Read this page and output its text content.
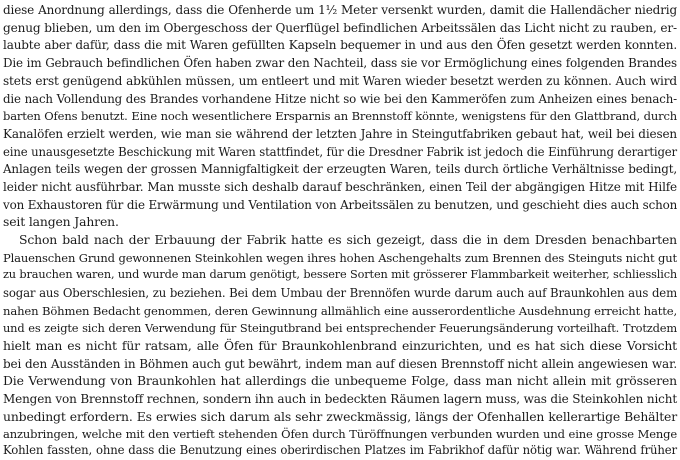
diese Anordnung allerdings, dass die Ofenherde um 1½ Meter versenkt wurden, damit die Hallendächer niedrig
genug blieben, um den im Obergeschoss der Querflügel befindlichen Arbeitssälen das Licht nicht zu rauben, er-
laubte aber dafür, dass die mit Waren gefüllten Kapseln bequemer in und aus den Öfen gesetzt werden konnten.
Die im Gebrauch befindlichen Öfen haben zwar den Nachteil, dass sie vor Ermöglichung eines folgenden Brandes
stets erst genügend abkühlen müssen, um entleert und mit Waren wieder besetzt werden zu können. Auch wird
die nach Vollendung des Brandes vorhandene Hitze nicht so wie bei den Kammeröfen zum Anheizen eines benach-
barten Ofens benutzt. Eine noch wesentlichere Ersparnis an Brennstoff könnte, wenigstens für den Glattbrand, durch
Kanalöfen erzielt werden, wie man sie während der letzten Jahre in Steingutfabriken gebaut hat, weil bei diesen
eine unausgesetzte Beschickung mit Waren stattfindet, für die Dresdner Fabrik ist jedoch die Einführung derartiger
Anlagen teils wegen der grossen Mannigfaltigkeit der erzeugten Waren, teils durch örtliche Verhältnisse bedingt,
leider nicht ausführbar. Man musste sich deshalb darauf beschränken, einen Teil der abgängigen Hitze mit Hilfe
von Exhaustoren für die Erwärmung und Ventilation von Arbeitssälen zu benutzen, und geschieht dies auch schon
seit langen Jahren.
Schon bald nach der Erbauung der Fabrik hatte es sich gezeigt, dass die in dem Dresden benachbarten
Plauenschen Grund gewonnenen Steinkohlen wegen ihres hohen Aschengehalts zum Brennen des Steinguts nicht gut
zu brauchen waren, und wurde man darum genötigt, bessere Sorten mit grösserer Flammbarkeit weiterher, schliesslich
sogar aus Oberschlesien, zu beziehen. Bei dem Umbau der Brennöfen wurde darum auch auf Braunkohlen aus dem
nahen Böhmen Bedacht genommen, deren Gewinnung allmählich eine ausserordentliche Ausdehnung erreicht hatte,
und es zeigte sich deren Verwendung für Steingutbrand bei entsprechender Feuerungsänderung vorteilhaft. Trotzdem
hielt man es nicht für ratsam, alle Öfen für Braunkohlenbrand einzurichten, und es hat sich diese Vorsicht
bei den Ausständen in Böhmen auch gut bewährt, indem man auf diesen Brennstoff nicht allein angewiesen war.
Die Verwendung von Braunkohlen hat allerdings die unbequeme Folge, dass man nicht allein mit grösseren
Mengen von Brennstoff rechnen, sondern ihn auch in bedeckten Räumen lagern muss, was die Steinkohlen nicht
unbedingt erfordern. Es erwies sich darum als sehr zweckmässig, längs der Ofenhallen kellerartige Behälter
anzubringen, welche mit den vertieft stehenden Öfen durch Türöffnungen verbunden wurden und eine grosse Menge
Kohlen fassten, ohne dass die Benutzung eines oberirdischen Platzes im Fabrikhof dafür nötig war. Während früher
